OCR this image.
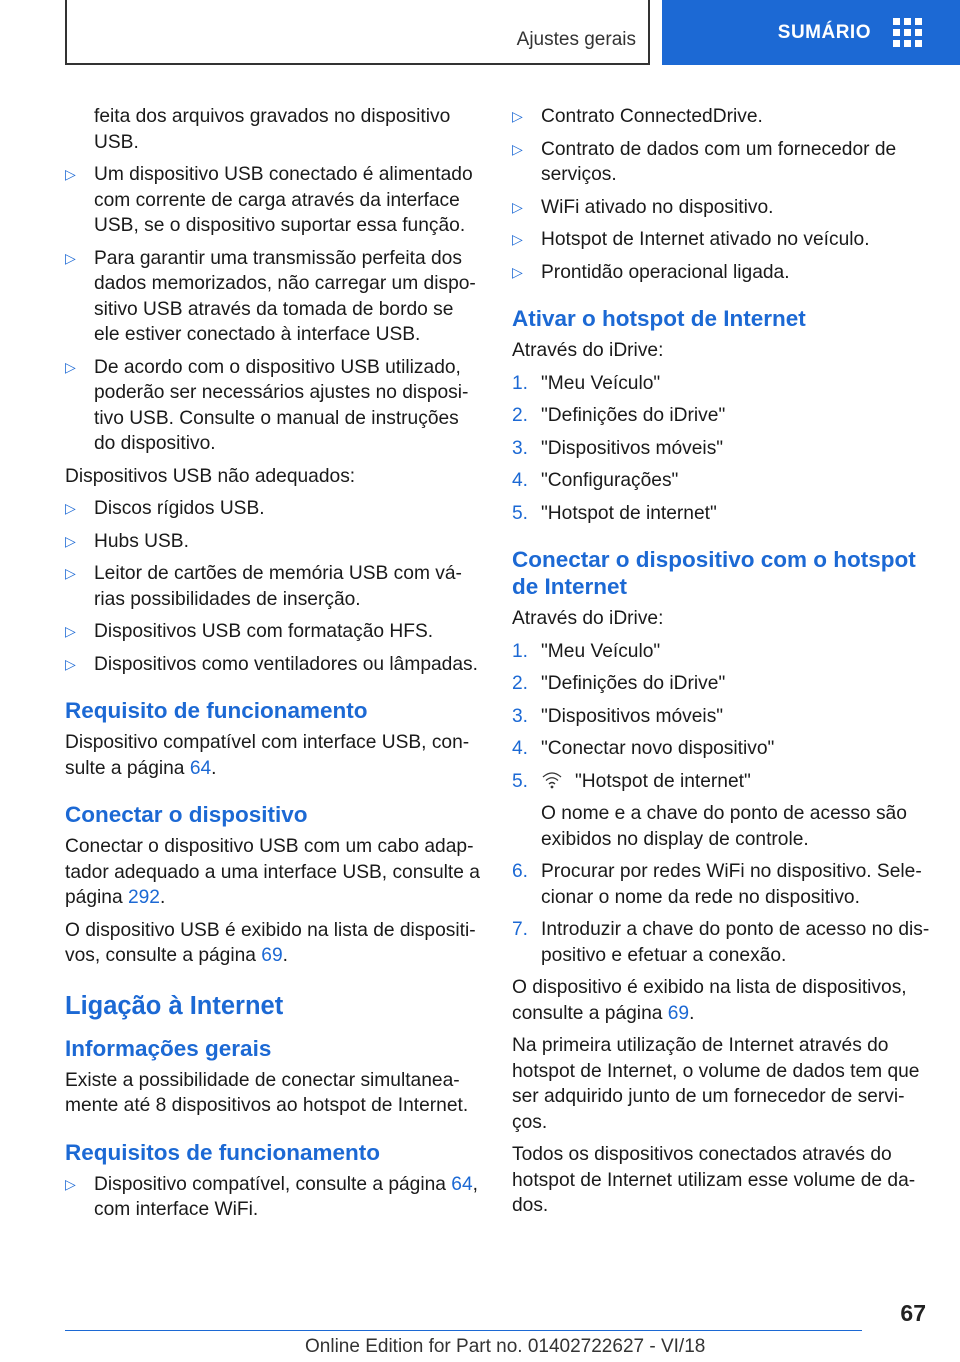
Ajustes gerais	SUMÁRIO

feita dos arquivos gravados no dispositivo USB.

▷ Um dispositivo USB conectado é alimentado com corrente de carga através da interface USB, se o dispositivo suportar essa função.
▷ Para garantir uma transmissão perfeita dos dados memorizados, não carregar um dispositivo USB através da tomada de bordo se ele estiver conectado à interface USB.
▷ De acordo com o dispositivo USB utilizado, poderão ser necessários ajustes no dispositivo USB. Consulte o manual de instruções do dispositivo.

Dispositivos USB não adequados:

▷ Discos rígidos USB.
▷ Hubs USB.
▷ Leitor de cartões de memória USB com várias possibilidades de inserção.
▷ Dispositivos USB com formatação HFS.
▷ Dispositivos como ventiladores ou lâmpadas.
Requisito de funcionamento

Dispositivo compatível com interface USB, consulte a página 64.

Conectar o dispositivo

Conectar o dispositivo USB com um cabo adaptador adequado a uma interface USB, consulte a página 292.

O dispositivo USB é exibido na lista de dispositivos, consulte a página 69.

Ligação à Internet
Informações gerais

Existe a possibilidade de conectar simultaneamente até 8 dispositivos ao hotspot de Internet.

Requisitos de funcionamento
▷ Dispositivo compatível, consulte a página 64, com interface WiFi.
▷ Contrato ConnectedDrive.
▷ Contrato de dados com um fornecedor de serviços.
▷ WiFi ativado no dispositivo.
▷ Hotspot de Internet ativado no veículo.
▷ Prontidão operacional ligada.
Ativar o hotspot de Internet

Através do iDrive:

1. "Meu Veículo"
2. "Definições do iDrive"
3. "Dispositivos móveis"
4. "Configurações"
5. "Hotspot de internet"
Conectar o dispositivo com o hotspot de Internet

Através do iDrive:

1. "Meu Veículo"
2. "Definições do iDrive"
3. "Dispositivos móveis"
4. "Conectar novo dispositivo"
5. "Hotspot de internet"

O nome e a chave do ponto de acesso são exibidos no display de controle.

6. Procurar por redes WiFi no dispositivo. Selecionar o nome da rede no dispositivo.
7. Introduzir a chave do ponto de acesso no dispositivo e efetuar a conexão.

O dispositivo é exibido na lista de dispositivos, consulte a página 69.

Na primeira utilização de Internet através do hotspot de Internet, o volume de dados tem que ser adquirido junto de um fornecedor de serviços.

Todos os dispositivos conectados através do hotspot de Internet utilizam esse volume de dados.

67
Online Edition for Part no. 01402722627 - VI/18
